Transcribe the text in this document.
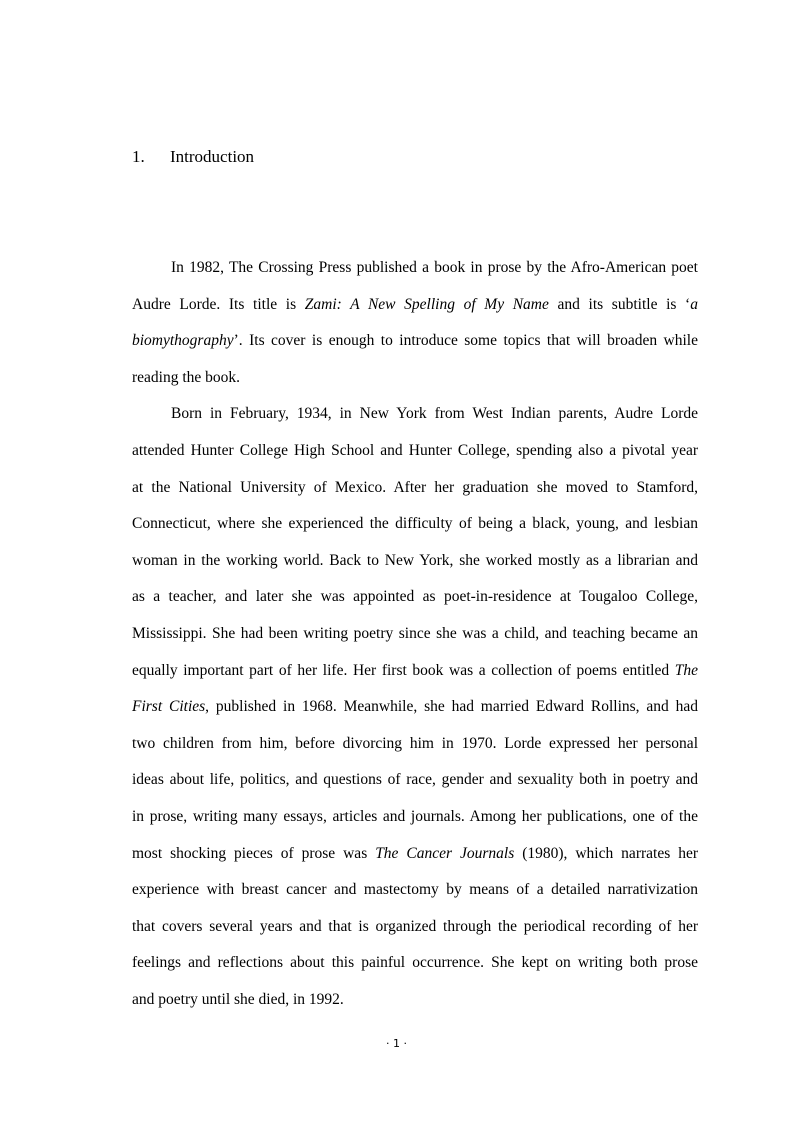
1. Introduction
In 1982, The Crossing Press published a book in prose by the Afro-American poet
Audre Lorde. Its title is Zami: A New Spelling of My Name and its subtitle is ‘a
biomythography’. Its cover is enough to introduce some topics that will broaden while
reading the book.
Born in February, 1934, in New York from West Indian parents, Audre Lorde
attended Hunter College High School and Hunter College, spending also a pivotal year
at the National University of Mexico. After her graduation she moved to Stamford,
Connecticut, where she experienced the difficulty of being a black, young, and lesbian
woman in the working world. Back to New York, she worked mostly as a librarian and
as a teacher, and later she was appointed as poet-in-residence at Tougaloo College,
Mississippi. She had been writing poetry since she was a child, and teaching became an
equally important part of her life. Her first book was a collection of poems entitled The
First Cities, published in 1968. Meanwhile, she had married Edward Rollins, and had
two children from him, before divorcing him in 1970. Lorde expressed her personal
ideas about life, politics, and questions of race, gender and sexuality both in poetry and
in prose, writing many essays, articles and journals. Among her publications, one of the
most shocking pieces of prose was The Cancer Journals (1980), which narrates her
experience with breast cancer and mastectomy by means of a detailed narrativization
that covers several years and that is organized through the periodical recording of her
feelings and reflections about this painful occurrence. She kept on writing both prose
and poetry until she died, in 1992.
· 1 ·
